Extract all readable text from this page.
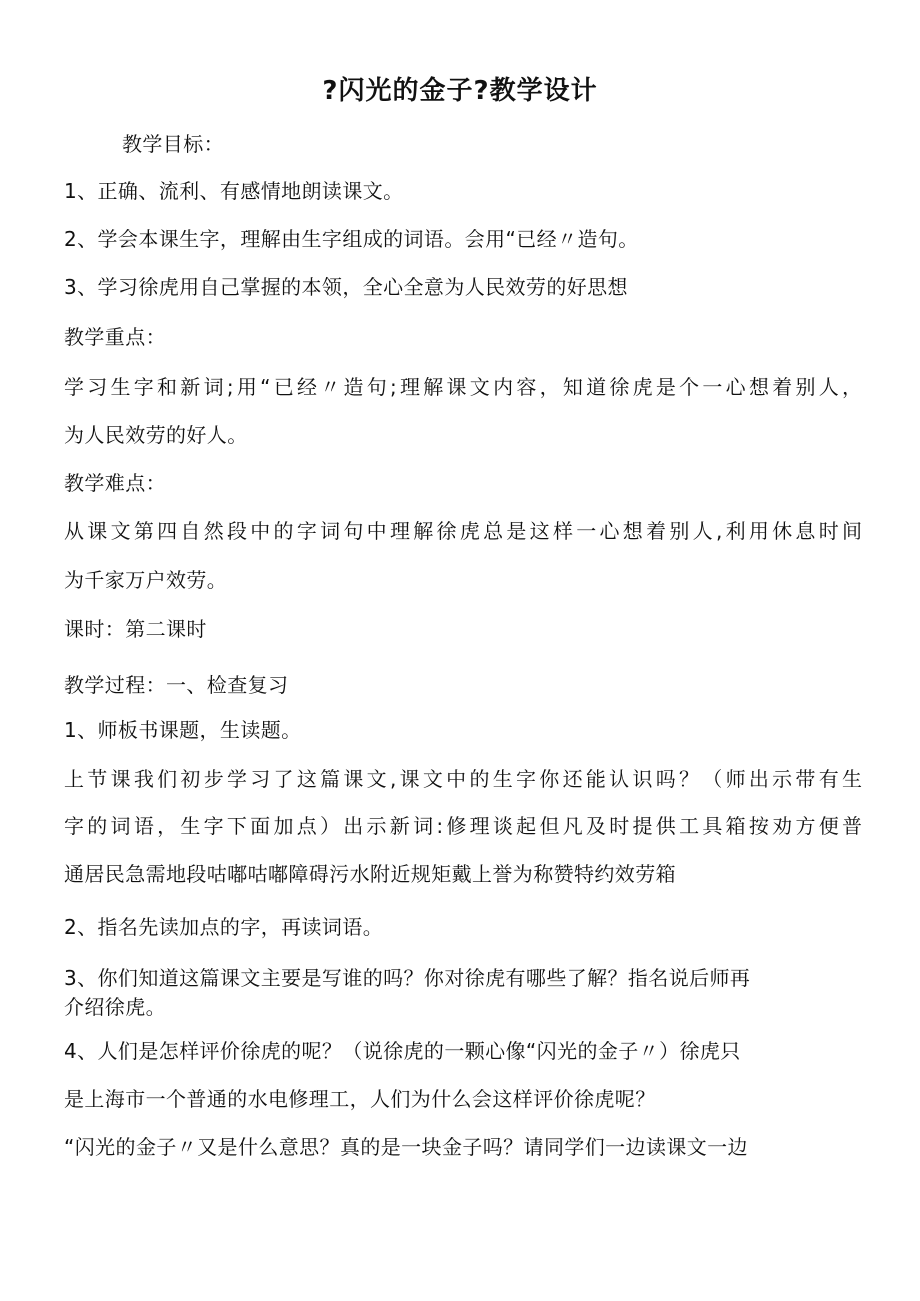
?闪光的金子?教学设计
教学目标：
1、正确、流利、有感情地朗读课文。
2、学会本课生字，理解由生字组成的词语。会用“已经〃造句。
3、学习徐虎用自己掌握的本领，全心全意为人民效劳的好思想
教学重点：
学习生字和新词;用“已经〃造句;理解课文内容，知道徐虎是个一心想着别人，
为人民效劳的好人。
教学难点：
从课文第四自然段中的字词句中理解徐虎总是这样一心想着别人,利用休息时间
为千家万户效劳。
课时：第二课时
教学过程：一、检查复习
1、师板书课题，生读题。
上节课我们初步学习了这篇课文,课文中的生字你还能认识吗？（师出示带有生
字的词语，生字下面加点）出示新词:修理谈起但凡及时提供工具箱按劝方便普
通居民急需地段咕嘟咕嘟障碍污水附近规矩戴上誉为称赞特约效劳箱
2、指名先读加点的字，再读词语。
3、你们知道这篇课文主要是写谁的吗？你对徐虎有哪些了解？指名说后师再
介绍徐虎。
4、人们是怎样评价徐虎的呢？（说徐虎的一颗心像“闪光的金子〃）徐虎只
是上海市一个普通的水电修理工，人们为什么会这样评价徐虎呢？
“闪光的金子〃又是什么意思？真的是一块金子吗？请同学们一边读课文一边
